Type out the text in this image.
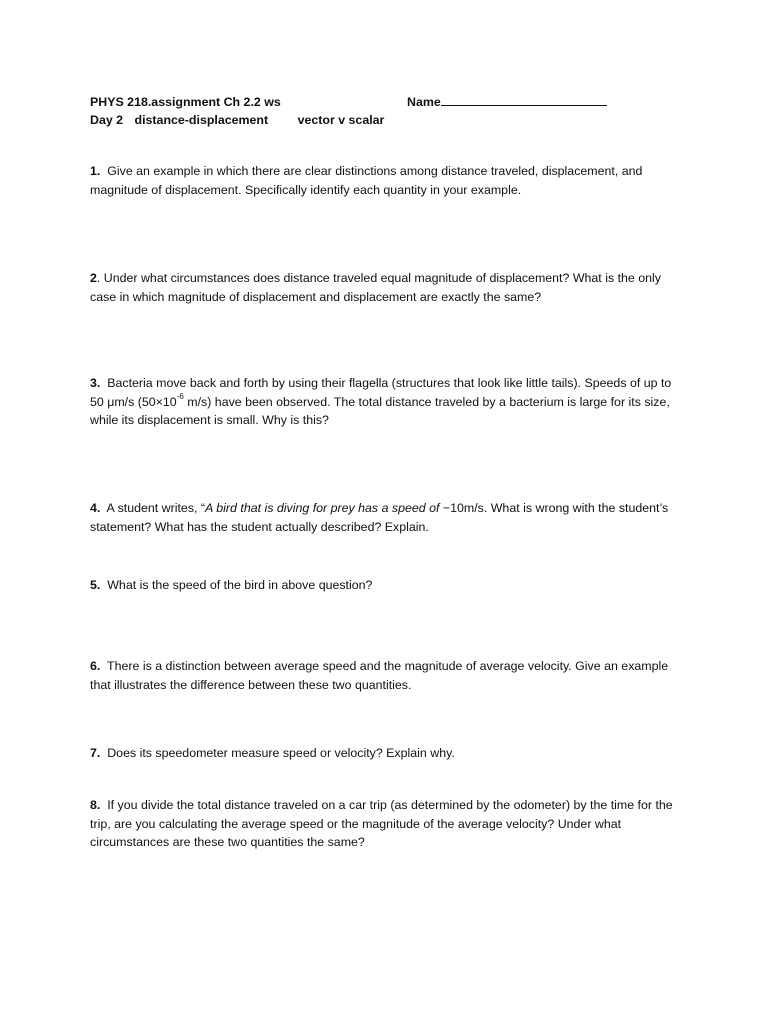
PHYS 218.assignment Ch 2.2 ws	Name
Day 2 distance-displacement vector v scalar
1. Give an example in which there are clear distinctions among distance traveled, displacement, and magnitude of displacement. Specifically identify each quantity in your example.
2. Under what circumstances does distance traveled equal magnitude of displacement? What is the only case in which magnitude of displacement and displacement are exactly the same?
3. Bacteria move back and forth by using their flagella (structures that look like little tails). Speeds of up to 50 μm/s ($50\times 10^{-6}$ m/s) have been observed. The total distance traveled by a bacterium is large for its size, while its displacement is small. Why is this?
4. A student writes, “A bird that is diving for prey has a speed of −10m/s. What is wrong with the student’s statement? What has the student actually described? Explain.
5. What is the speed of the bird in above question?
6. There is a distinction between average speed and the magnitude of average velocity. Give an example that illustrates the difference between these two quantities.
7. Does its speedometer measure speed or velocity? Explain why.
8. If you divide the total distance traveled on a car trip (as determined by the odometer) by the time for the trip, are you calculating the average speed or the magnitude of the average velocity? Under what circumstances are these two quantities the same?
